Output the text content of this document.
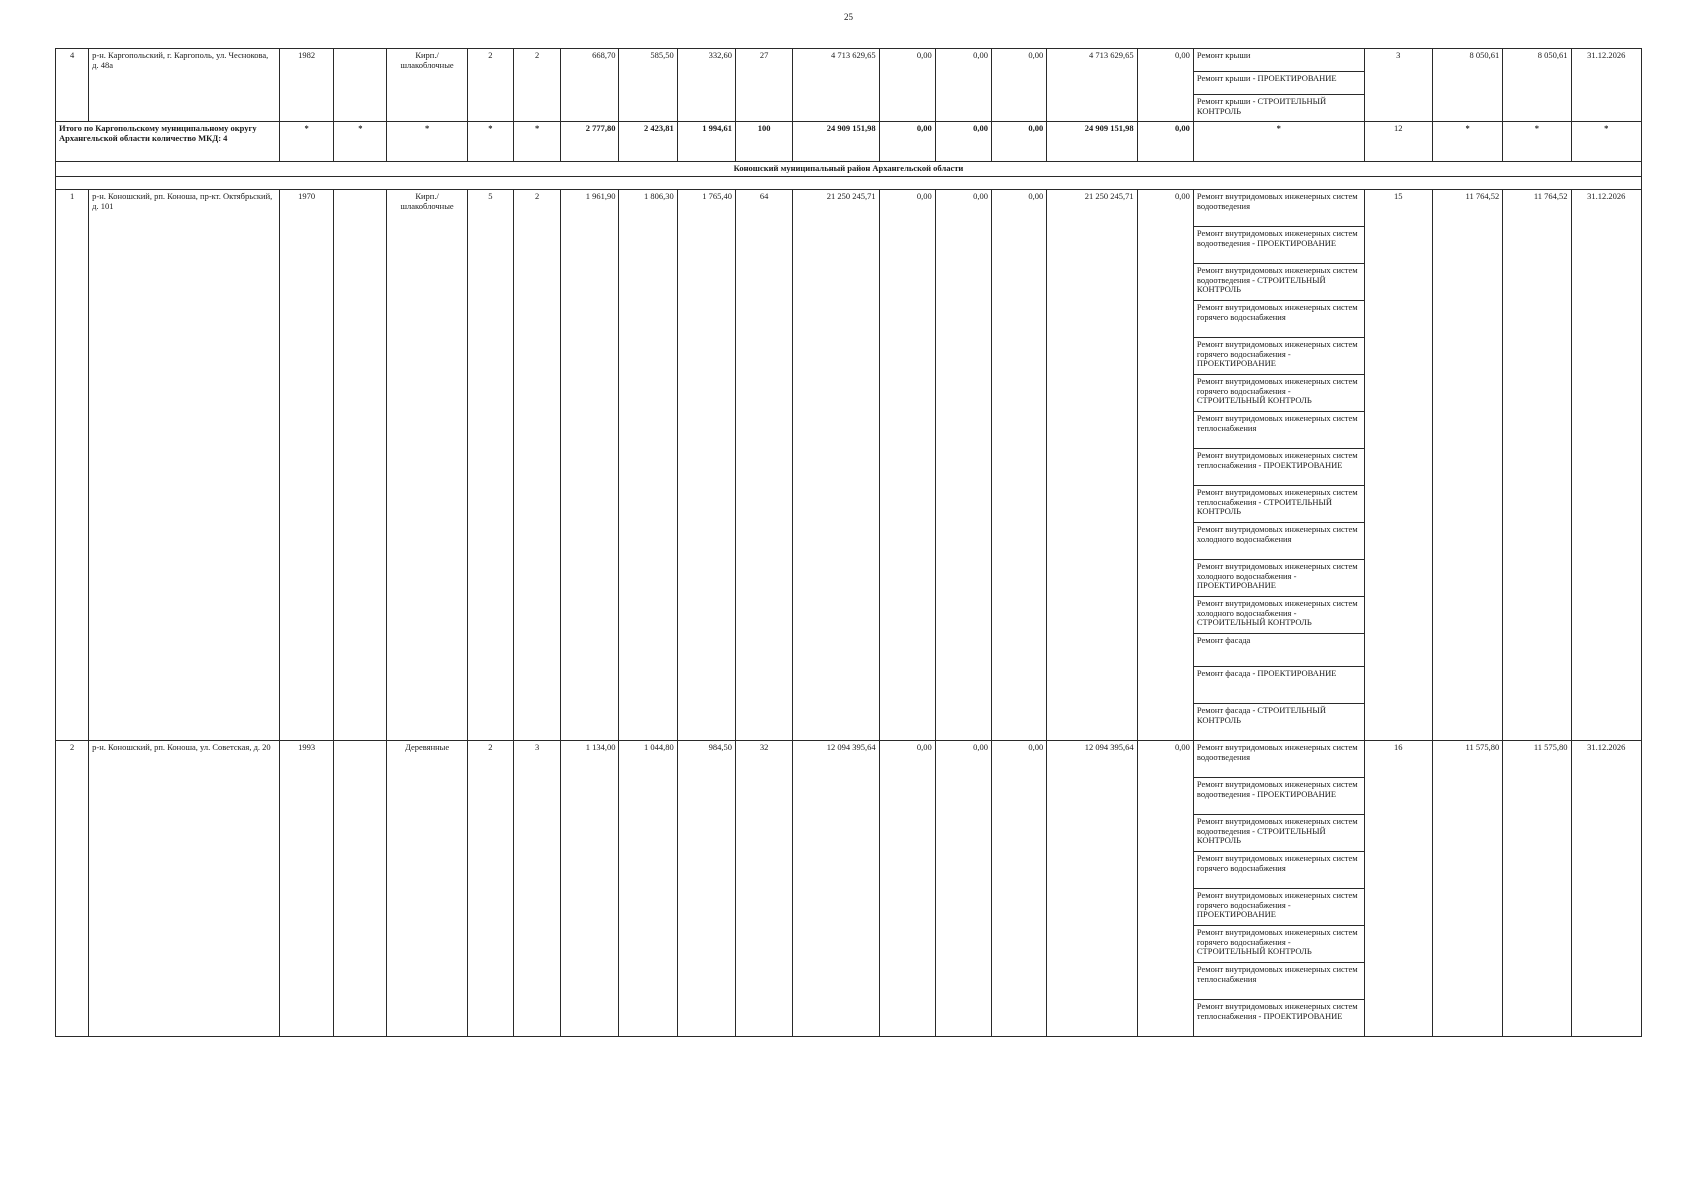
25
4	р-н. Каргопольский, г. Каргополь, ул. Чеснокова, д. 48а	1982		Кирп./ шлакоблочные	2	2	668,70	585,50	332,60	27	4 713 629,65	0,00	0,00	0,00	4 713 629,65	0,00	Ремонт крыши	3	8 050,61	8 050,61	31.12.2026
																	Ремонт крыши - ПРОЕКТИРОВАНИЕ				
																	Ремонт крыши - СТРОИТЕЛЬНЫЙ КОНТРОЛЬ				
Итого по Каргопольскому муниципальному округу Архангельской области количество МКД: 4		*	*	*	*	*	2 777,80	2 423,81	1 994,61	100	24 909 151,98	0,00	0,00	0,00	24 909 151,98	0,00	*	12	*	*	*
Коношский муниципальный район Архангельской области																					

1	р-н. Коношский, рп. Коноша, пр-кт. Октябрьский, д. 101	1970		Кирп./ шлакоблочные	5	2	1 961,90	1 806,30	1 765,40	64	21 250 245,71	0,00	0,00	0,00	21 250 245,71	0,00	Ремонт внутридомовых инженерных систем водоотведения	15	11 764,52	11 764,52	31.12.2026
																	Ремонт внутридомовых инженерных систем водоотведения - ПРОЕКТИРОВАНИЕ				
																	Ремонт внутридомовых инженерных систем водоотведения - СТРОИТЕЛЬНЫЙ КОНТРОЛЬ				
																	Ремонт внутридомовых инженерных систем горячего водоснабжения				
																	Ремонт внутридомовых инженерных систем горячего водоснабжения - ПРОЕКТИРОВАНИЕ				
																	Ремонт внутридомовых инженерных систем горячего водоснабжения - СТРОИТЕЛЬНЫЙ КОНТРОЛЬ				
																	Ремонт внутридомовых инженерных систем теплоснабжения				
																	Ремонт внутридомовых инженерных систем теплоснабжения - ПРОЕКТИРОВАНИЕ				
																	Ремонт внутридомовых инженерных систем теплоснабжения - СТРОИТЕЛЬНЫЙ КОНТРОЛЬ				
																	Ремонт внутридомовых инженерных систем холодного водоснабжения				
																	Ремонт внутридомовых инженерных систем холодного водоснабжения - ПРОЕКТИРОВАНИЕ				
																	Ремонт внутридомовых инженерных систем холодного водоснабжения - СТРОИТЕЛЬНЫЙ КОНТРОЛЬ				
																	Ремонт фасада				
																	Ремонт фасада - ПРОЕКТИРОВАНИЕ				
																	Ремонт фасада - СТРОИТЕЛЬНЫЙ КОНТРОЛЬ				
2	р-н. Коношский, рп. Коноша, ул. Советская, д. 20	1993		Деревянные	2	3	1 134,00	1 044,80	984,50	32	12 094 395,64	0,00	0,00	0,00	12 094 395,64	0,00	Ремонт внутридомовых инженерных систем водоотведения	16	11 575,80	11 575,80	31.12.2026
																	Ремонт внутридомовых инженерных систем водоотведения - ПРОЕКТИРОВАНИЕ				
																	Ремонт внутридомовых инженерных систем водоотведения - СТРОИТЕЛЬНЫЙ КОНТРОЛЬ				
																	Ремонт внутридомовых инженерных систем горячего водоснабжения				
																	Ремонт внутридомовых инженерных систем горячего водоснабжения - ПРОЕКТИРОВАНИЕ				
																	Ремонт внутридомовых инженерных систем горячего водоснабжения - СТРОИТЕЛЬНЫЙ КОНТРОЛЬ				
																	Ремонт внутридомовых инженерных систем теплоснабжения				
																	Ремонт внутридомовых инженерных систем теплоснабжения - ПРОЕКТИРОВАНИЕ				
